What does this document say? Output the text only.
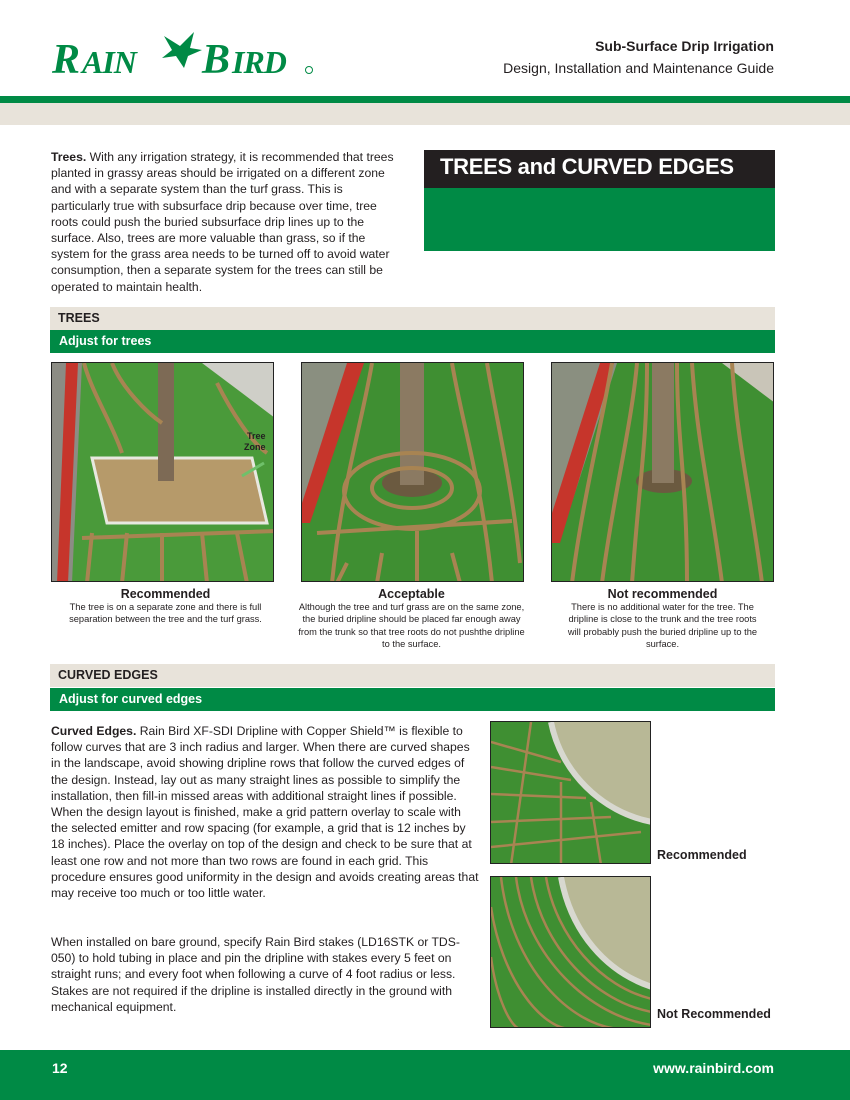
R AIN B IRD	Sub-Surface Drip Irrigation
Design, Installation and Maintenance Guide
Trees. With any irrigation strategy, it is recommended that trees planted in grassy areas should be irrigated on a different zone and with a separate system than the turf grass. This is particularly true with subsurface drip because over time, tree roots could push the buried subsurface drip lines up to the surface. Also, trees are more valuable than grass, so if the system for the grass area needs to be turned off to avoid water consumption, then a separate system for the trees can still be operated to maintain health.
TREES and CURVED EDGES
TREES
Adjust for trees
Tree
Zone
Recommended
The tree is on a separate zone and there is full separation between the tree and the turf grass.
Acceptable
Although the tree and turf grass are on the same zone, the buried dripline should be placed far enough away from the trunk so that tree roots do not pushthe dripline to the surface.
Not recommended
There is no additional water for the tree. The dripline is close to the trunk and the tree roots will probably push the buried dripline up to the surface.
CURVED EDGES
Adjust for curved edges
Curved Edges. Rain Bird XF-SDI Dripline with Copper Shield™ is flexible to follow curves that are 3 inch radius and larger. When there are curved shapes in the landscape, avoid showing dripline rows that follow the curved edges of the design. Instead, lay out as many straight lines as possible to simplify the installation, then fill-in missed areas with additional straight lines if possible. When the design layout is finished, make a grid pattern overlay to scale with the selected emitter and row spacing (for example, a grid that is 12 inches by 18 inches). Place the overlay on top of the design and check to be sure that at least one row and not more than two rows are found in each grid. This procedure ensures good uniformity in the design and avoids creating areas that may receive too much or too little water.
When installed on bare ground, specify Rain Bird stakes (LD16STK or TDS-050) to hold tubing in place and pin the dripline with stakes every 5 feet on straight runs; and every foot when following a curve of 4 foot radius or less. Stakes are not required if the dripline is installed directly in the ground with mechanical equipment.
Recommended
Not Recommended
12	www.rainbird.com
